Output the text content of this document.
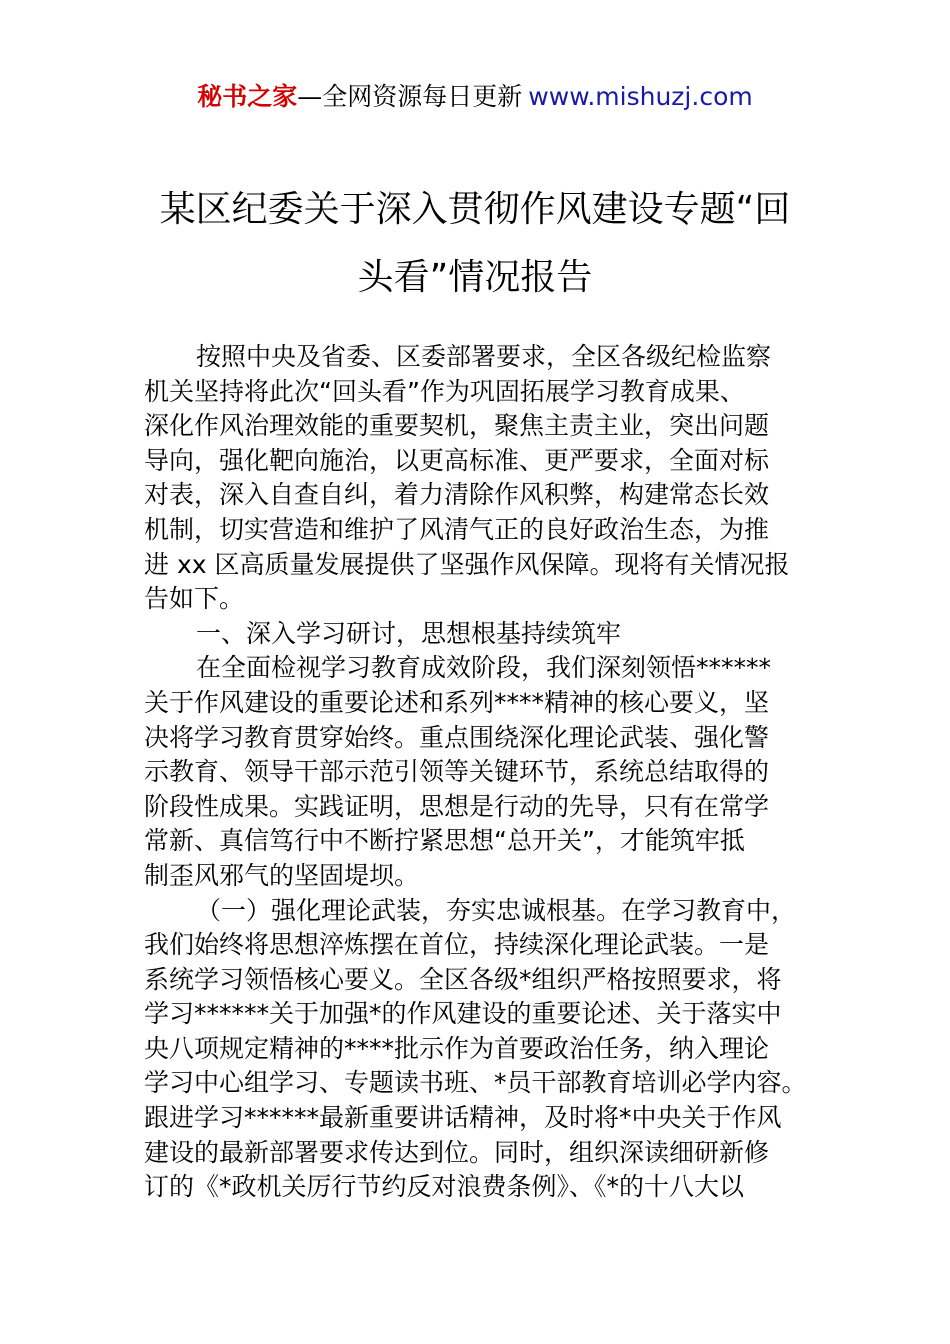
秘书之家—全网资源每日更新 www.mishuzj.com
某区纪委关于深入贯彻作风建设专题“回
头看”情况报告
按照中央及省委、区委部署要求，全区各级纪检监察
机关坚持将此次“回头看”作为巩固拓展学习教育成果、
深化作风治理效能的重要契机，聚焦主责主业，突出问题
导向，强化靶向施治，以更高标准、更严要求，全面对标
对表，深入自查自纠，着力清除作风积弊，构建常态长效
机制，切实营造和维护了风清气正的良好政治生态，为推
进 xx 区高质量发展提供了坚强作风保障。现将有关情况报
告如下。
一、深入学习研讨，思想根基持续筑牢
在全面检视学习教育成效阶段，我们深刻领悟******
关于作风建设的重要论述和系列****精神的核心要义，坚
决将学习教育贯穿始终。重点围绕深化理论武装、强化警
示教育、领导干部示范引领等关键环节，系统总结取得的
阶段性成果。实践证明，思想是行动的先导，只有在常学
常新、真信笃行中不断拧紧思想“总开关”，才能筑牢抵
制歪风邪气的坚固堤坝。
（一）强化理论武装，夯实忠诚根基。在学习教育中，
我们始终将思想淬炼摆在首位，持续深化理论武装。一是
系统学习领悟核心要义。全区各级*组织严格按照要求，将
学习******关于加强*的作风建设的重要论述、关于落实中
央八项规定精神的****批示作为首要政治任务，纳入理论
学习中心组学习、专题读书班、*员干部教育培训必学内容。
跟进学习******最新重要讲话精神，及时将*中央关于作风
建设的最新部署要求传达到位。同时，组织深读细研新修
订的《*政机关厉行节约反对浪费条例》、《*的十八大以
